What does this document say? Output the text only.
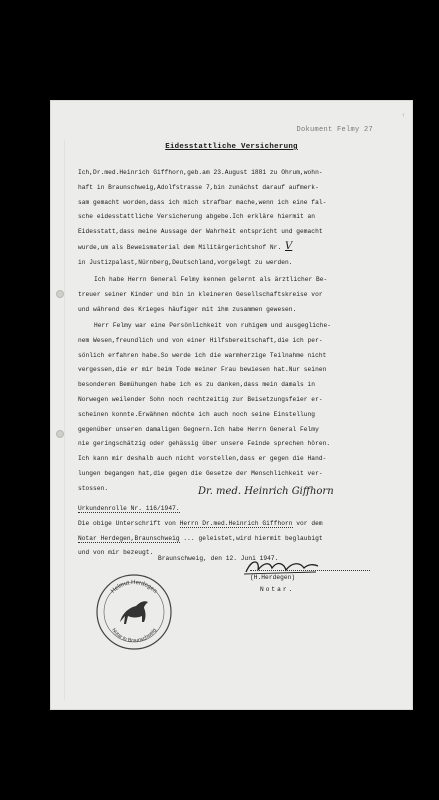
↑
Dokument Felmy 27
Eidesstattliche Versicherung
Ich,Dr.med.Heinrich Giffhorn,geb.am 23.August 1881 zu Ohrum,wohn-
haft in Braunschweig,Adolfstrasse 7,bin zunächst darauf aufmerk-
sam gemacht worden,dass ich mich strafbar mache,wenn ich eine fal-
sche eidesstattliche Versicherung abgebe.Ich erkläre hiermit an
Eidesstatt,dass meine Aussage der Wahrheit entspricht und gemacht
wurde,um als Beweismaterial dem Militärgerichtshof Nr. V
in Justizpalast,Nürnberg,Deutschland,vorgelegt zu werden.
Ich habe Herrn General Felmy kennen gelernt als ärztlicher Be-
treuer seiner Kinder und bin in kleineren Gesellschaftskreise vor
und während des Krieges häufiger mit ihm zusammen gewesen.
Herr Felmy war eine Persönlichkeit von ruhigem und ausgegliche-
nem Wesen,freundlich und von einer Hilfsbereitschaft,die ich per-
sönlich erfahren habe.So werde ich die warmherzige Teilnahme nicht
vergessen,die er mir beim Tode meiner Frau bewiesen hat.Nur seinen
besonderen Bemühungen habe ich es zu danken,dass mein damals in
Norwegen weilender Sohn noch rechtzeitig zur Beisetzungsfeier er-
scheinen konnte.Erwähnen möchte ich auch noch seine Einstellung
gegenüber unseren damaligen Gegnern.Ich habe Herrn General Felmy
nie geringschätzig oder gehässig über unsere Feinde sprechen hören.
Ich kann mir deshalb auch nicht vorstellen,dass er gegen die Hand-
lungen begangen hat,die gegen die Gesetze der Menschlichkeit ver-
stossen.	Dr. med. Heinrich Giffhorn
Urkundenrolle Nr. 116/1947.
Die obige Unterschrift von Herrn Dr.med.Heinrich Giffhorn vor dem
Notar Herdegen,Braunschweig ... geleistet,wird hiermit beglaubigt
und von mir bezeugt.
Braunschweig, den 12. Juni 1947.
(H.Herdegen)
Notar.
Helmut Herdegen
Notar in Braunschweig
